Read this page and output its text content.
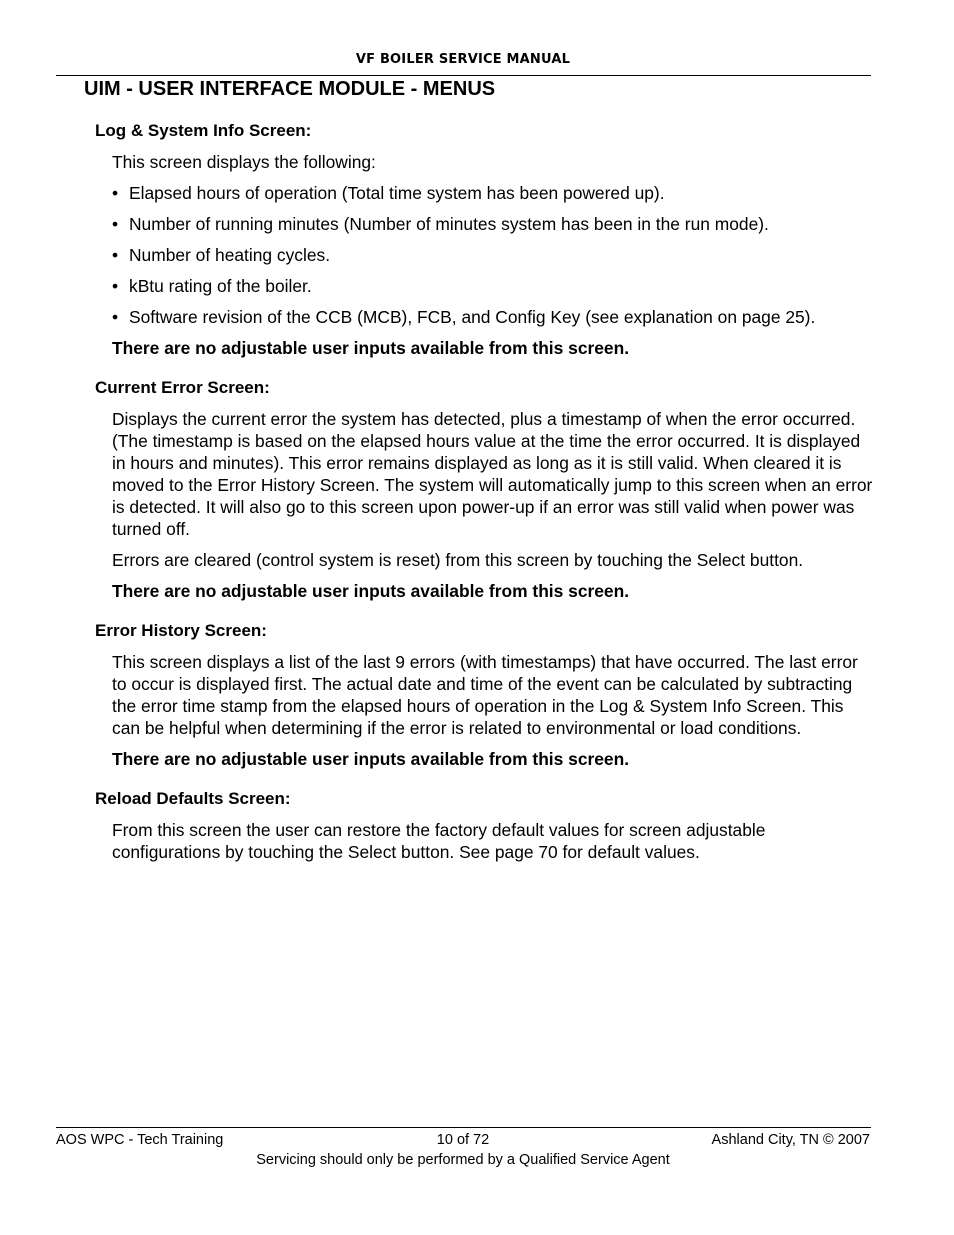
VF BOILER SERVICE MANUAL
UIM - USER INTERFACE MODULE - MENUS
Log & System Info Screen:

This screen displays the following:

• Elapsed hours of operation (Total time system has been powered up).
• Number of running minutes (Number of minutes system has been in the run mode).
• Number of heating cycles.
• kBtu rating of the boiler.
• Software revision of the CCB (MCB), FCB, and Config Key (see explanation on page 25).

There are no adjustable user inputs available from this screen.

Current Error Screen:

Displays the current error the system has detected, plus a timestamp of when the error occurred. (The timestamp is based on the elapsed hours value at the time the error occurred. It is displayed in hours and minutes). This error remains displayed as long as it is still valid. When cleared it is moved to the Error History Screen. The system will automatically jump to this screen when an error is detected. It will also go to this screen upon power-up if an error was still valid when power was turned off.

Errors are cleared (control system is reset) from this screen by touching the Select button.

There are no adjustable user inputs available from this screen.

Error History Screen:

This screen displays a list of the last 9 errors (with timestamps) that have occurred. The last error to occur is displayed first. The actual date and time of the event can be calculated by subtracting the error time stamp from the elapsed hours of operation in the Log & System Info Screen. This can be helpful when determining if the error is related to environmental or load conditions.

There are no adjustable user inputs available from this screen.

Reload Defaults Screen:

From this screen the user can restore the factory default values for screen adjustable configurations by touching the Select button. See page 70 for default values.

AOS WPC - Tech Training	10 of 72	Ashland City, TN © 2007
Servicing should only be performed by a Qualified Service Agent
